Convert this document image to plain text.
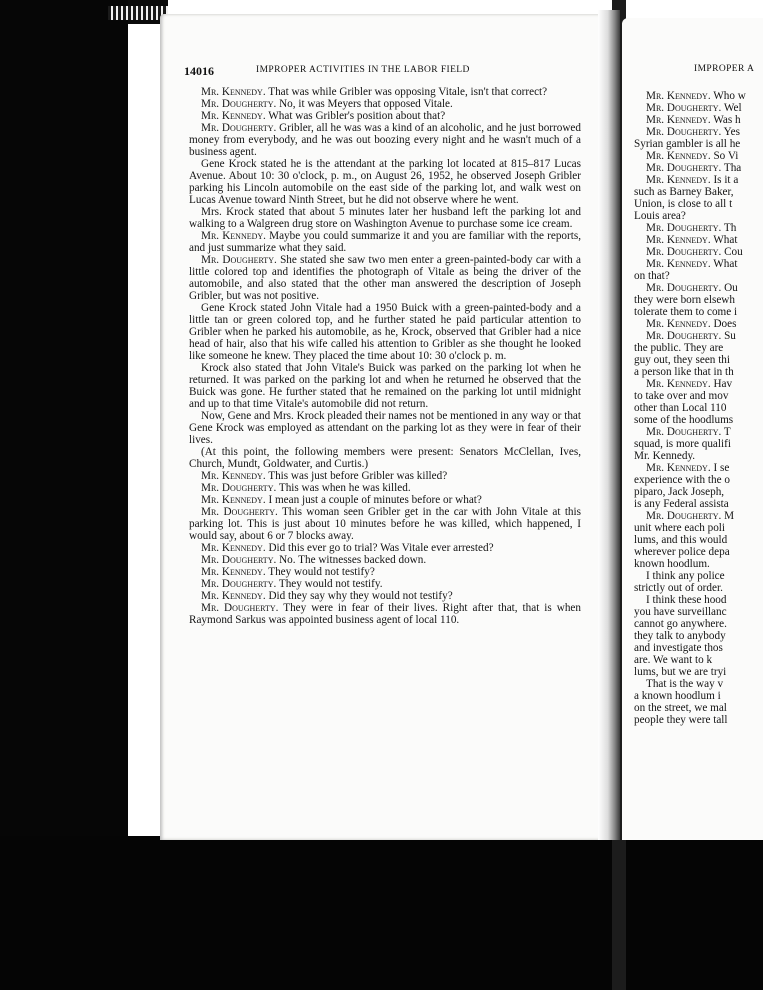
14016	IMPROPER ACTIVITIES IN THE LABOR FIELD

Mr. Kennedy. That was while Gribler was opposing Vitale, isn't that correct?

Mr. Dougherty. No, it was Meyers that opposed Vitale.

Mr. Kennedy. What was Gribler's position about that?

Mr. Dougherty. Gribler, all he was was a kind of an alcoholic, and he just borrowed money from everybody, and he was out boozing every night and he wasn't much of a business agent.

Gene Krock stated he is the attendant at the parking lot located at 815–817 Lucas Avenue. About 10: 30 o'clock, p. m., on August 26, 1952, he observed Joseph Gribler parking his Lincoln automobile on the east side of the parking lot, and walk west on Lucas Avenue toward Ninth Street, but he did not observe where he went.

Mrs. Krock stated that about 5 minutes later her husband left the parking lot and walking to a Walgreen drug store on Washington Avenue to purchase some ice cream.

Mr. Kennedy. Maybe you could summarize it and you are familiar with the reports, and just summarize what they said.

Mr. Dougherty. She stated she saw two men enter a green-painted-body car with a little colored top and identifies the photograph of Vitale as being the driver of the automobile, and also stated that the other man answered the description of Joseph Gribler, but was not positive.

Gene Krock stated John Vitale had a 1950 Buick with a green-painted-body and a little tan or green colored top, and he further stated he paid particular attention to Gribler when he parked his automobile, as he, Krock, observed that Gribler had a nice head of hair, also that his wife called his attention to Gribler as she thought he looked like someone he knew. They placed the time about 10: 30 o'clock p. m.

Krock also stated that John Vitale's Buick was parked on the parking lot when he returned. It was parked on the parking lot and when he returned he observed that the Buick was gone. He further stated that he remained on the parking lot until midnight and up to that time Vitale's automobile did not return.

Now, Gene and Mrs. Krock pleaded their names not be mentioned in any way or that Gene Krock was employed as attendant on the parking lot as they were in fear of their lives.

(At this point, the following members were present: Senators McClellan, Ives, Church, Mundt, Goldwater, and Curtis.)

Mr. Kennedy. This was just before Gribler was killed?

Mr. Dougherty. This was when he was killed.

Mr. Kennedy. I mean just a couple of minutes before or what?

Mr. Dougherty. This woman seen Gribler get in the car with John Vitale at this parking lot. This is just about 10 minutes before he was killed, which happened, I would say, about 6 or 7 blocks away.

Mr. Kennedy. Did this ever go to trial? Was Vitale ever arrested?

Mr. Dougherty. No. The witnesses backed down.

Mr. Kennedy. They would not testify?

Mr. Dougherty. They would not testify.

Mr. Kennedy. Did they say why they would not testify?

Mr. Dougherty. They were in fear of their lives. Right after that, that is when Raymond Sarkus was appointed business agent of local 110.

IMPROPER A
Mr. Kennedy. Who w
Mr. Dougherty. Wel
Mr. Kennedy. Was h
Mr. Dougherty. Yes
Syrian gambler is all he
Mr. Kennedy. So Vi
Mr. Dougherty. Tha
Mr. Kennedy. Is it a
such as Barney Baker,
Union, is close to all t
Louis area?
Mr. Dougherty. Th
Mr. Kennedy. What
Mr. Dougherty. Cou
Mr. Kennedy. What
on that?
Mr. Dougherty. Ou
they were born elsewh
tolerate them to come i
Mr. Kennedy. Does
Mr. Dougherty. Su
the public. They are
guy out, they seen thi
a person like that in th
Mr. Kennedy. Hav
to take over and mov
other than Local 110
some of the hoodlums
Mr. Dougherty. T
squad, is more qualifi
Mr. Kennedy.
Mr. Kennedy. I se
experience with the o
piparo, Jack Joseph,
is any Federal assista
Mr. Dougherty. M
unit where each poli
lums, and this would
wherever police depa
known hoodlum.
I think any police
strictly out of order.
I think these hood
you have surveillanc
cannot go anywhere.
they talk to anybody
and investigate thos
are. We want to k
lums, but we are tryi
That is the way v
a known hoodlum i
on the street, we mal
people they were tall
